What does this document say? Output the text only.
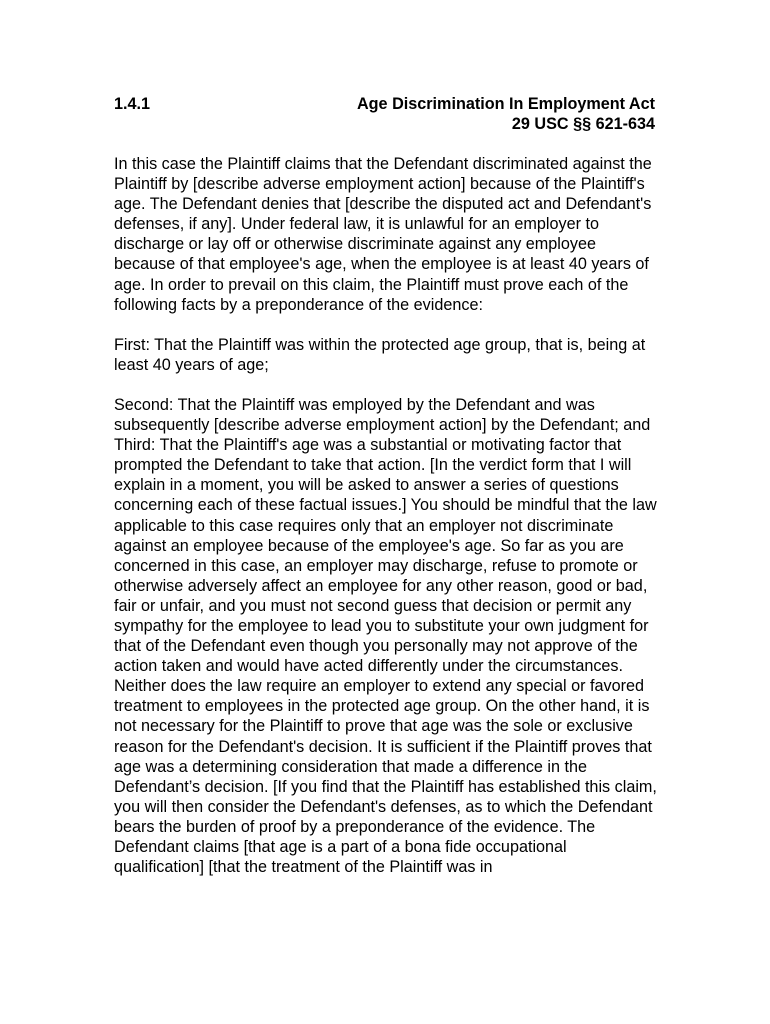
1.4.1	Age Discrimination In Employment Act
29 USC §§ 621-634

In this case the Plaintiff claims that the Defendant discriminated against the Plaintiff by [describe adverse employment action] because of the Plaintiff's age. The Defendant denies that [describe the disputed act and Defendant's defenses, if any]. Under federal law, it is unlawful for an employer to discharge or lay off or otherwise discriminate against any employee because of that employee's age, when the employee is at least 40 years of age. In order to prevail on this claim, the Plaintiff must prove each of the following facts by a preponderance of the evidence:

First: That the Plaintiff was within the protected age group, that is, being at least 40 years of age;

Second: That the Plaintiff was employed by the Defendant and was subsequently [describe adverse employment action] by the Defendant; and

Third: That the Plaintiff's age was a substantial or motivating factor that prompted the Defendant to take that action. [In the verdict form that I will explain in a moment, you will be asked to answer a series of questions concerning each of these factual issues.] You should be mindful that the law applicable to this case requires only that an employer not discriminate against an employee because of the employee's age. So far as you are concerned in this case, an employer may discharge, refuse to promote or otherwise adversely affect an employee for any other reason, good or bad, fair or unfair, and you must not second guess that decision or permit any sympathy for the employee to lead you to substitute your own judgment for that of the Defendant even though you personally may not approve of the action taken and would have acted differently under the circumstances. Neither does the law require an employer to extend any special or favored treatment to employees in the protected age group. On the other hand, it is not necessary for the Plaintiff to prove that age was the sole or exclusive reason for the Defendant's decision. It is sufficient if the Plaintiff proves that age was a determining consideration that made a difference in the Defendant’s decision. [If you find that the Plaintiff has established this claim, you will then consider the Defendant's defenses, as to which the Defendant bears the burden of proof by a preponderance of the evidence. The Defendant claims [that age is a part of a bona fide occupational qualification] [that the treatment of the Plaintiff was in
